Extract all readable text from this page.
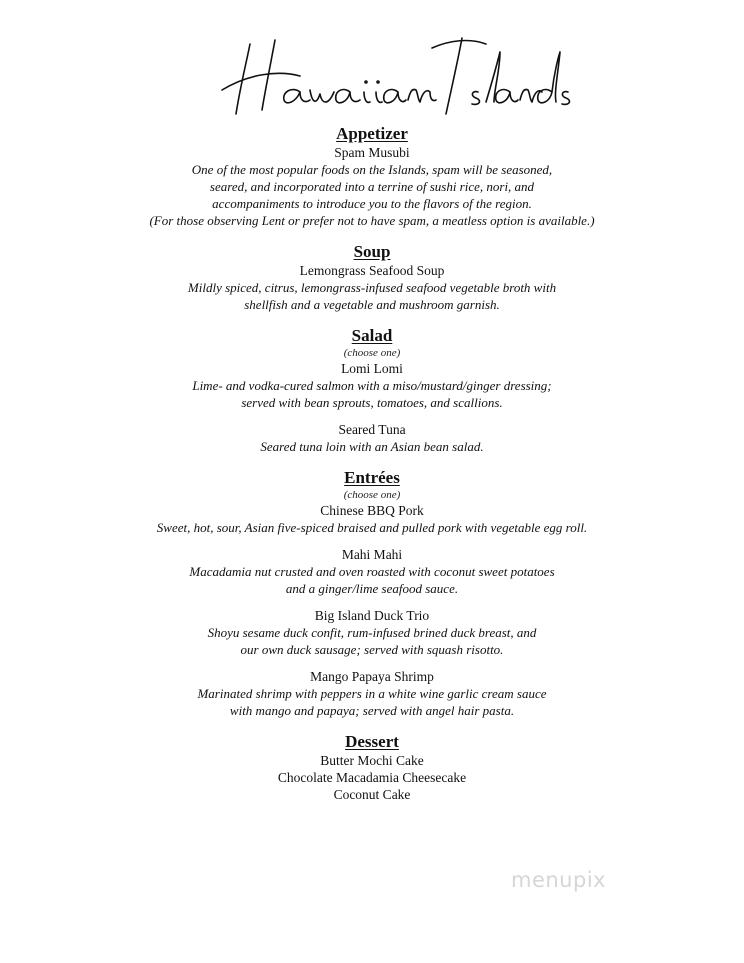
Appetizer
Spam Musubi
One of the most popular foods on the Islands, spam will be seasoned,
seared, and incorporated into a terrine of sushi rice, nori, and
accompaniments to introduce you to the flavors of the region.
(For those observing Lent or prefer not to have spam, a meatless option is available.)
Soup
Lemongrass Seafood Soup
Mildly spiced, citrus, lemongrass-infused seafood vegetable broth with
shellfish and a vegetable and mushroom garnish.
Salad
(choose one)
Lomi Lomi
Lime- and vodka-cured salmon with a miso/mustard/ginger dressing;
served with bean sprouts, tomatoes, and scallions.
Seared Tuna
Seared tuna loin with an Asian bean salad.
Entrées
(choose one)
Chinese BBQ Pork
Sweet, hot, sour, Asian five-spiced braised and pulled pork with vegetable egg roll.
Mahi Mahi
Macadamia nut crusted and oven roasted with coconut sweet potatoes
and a ginger/lime seafood sauce.
Big Island Duck Trio
Shoyu sesame duck confit, rum-infused brined duck breast, and
our own duck sausage; served with squash risotto.
Mango Papaya Shrimp
Marinated shrimp with peppers in a white wine garlic cream sauce
with mango and papaya; served with angel hair pasta.
Dessert
Butter Mochi Cake
Chocolate Macadamia Cheesecake
Coconut Cake
menupix
